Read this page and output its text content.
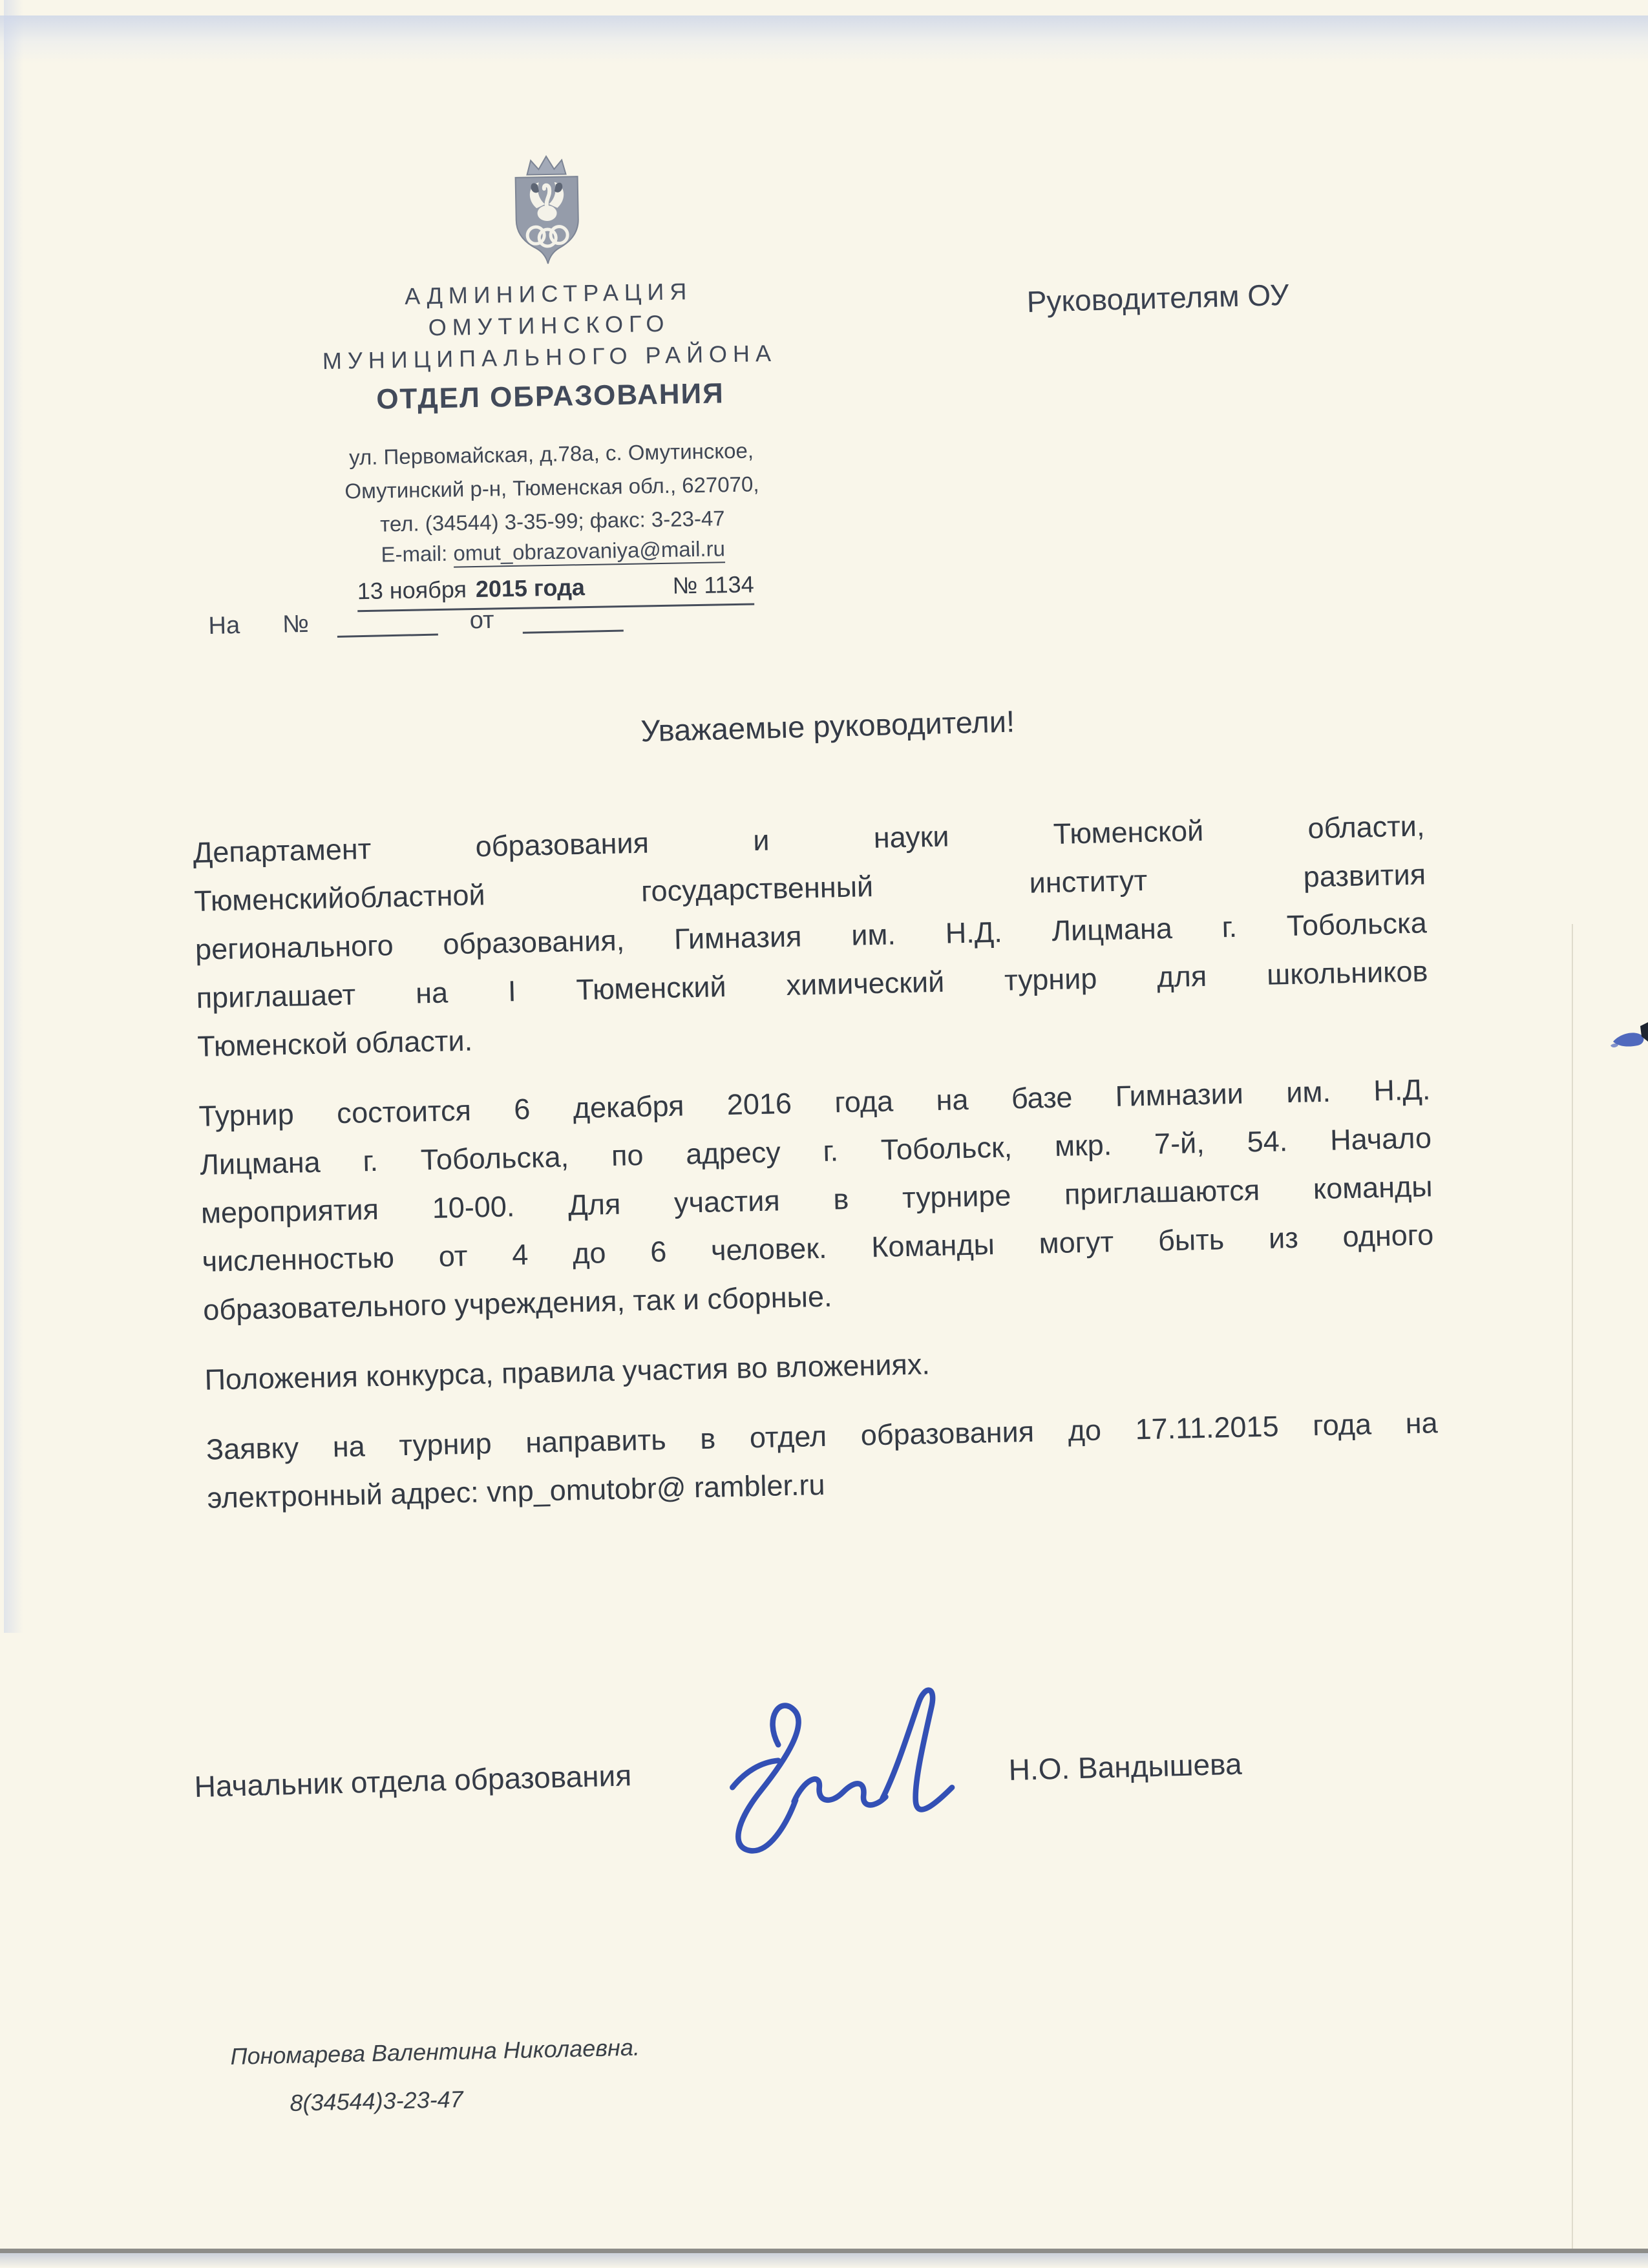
АДМИНИСТРАЦИЯ
ОМУТИНСКОГО
МУНИЦИПАЛЬНОГО РАЙОНА
ОТДЕЛ ОБРАЗОВАНИЯ
ул. Первомайская, д.78а, с. Омутинское,
Омутинский р-н, Тюменская обл., 627070,
тел. (34544) 3-35-99; факс: 3-23-47
E-mail: omut_obrazovaniya@mail.ru
13 ноября 2015 года	№ 1134
Руководителям ОУ
На №	от
Уважаемые руководители!

Департамент образования и науки Тюменской области,
Тюменскийобластной государственный институт развития
регионального образования, Гимназия им. Н.Д. Лицмана г. Тобольска
приглашает на I Тюменский химический турнир для школьников
Тюменской области.

Турнир состоится 6 декабря 2016 года на базе Гимназии им. Н.Д.
Лицмана г. Тобольска, по адресу г. Тобольск, мкр. 7-й, 54. Начало
мероприятия 10-00. Для участия в турнире приглашаются команды
численностью от 4 до 6 человек. Команды могут быть из одного
образовательного учреждения, так и сборные.

Положения конкурса, правила участия во вложениях.

Заявку на турнир направить в отдел образования до 17.11.2015 года на
электронный адрес: vnp_omutobr@ rambler.ru

Начальник отдела образования	Н.О. Вандышева
Пономарева Валентина Николаевна.
8(34544)3-23-47
